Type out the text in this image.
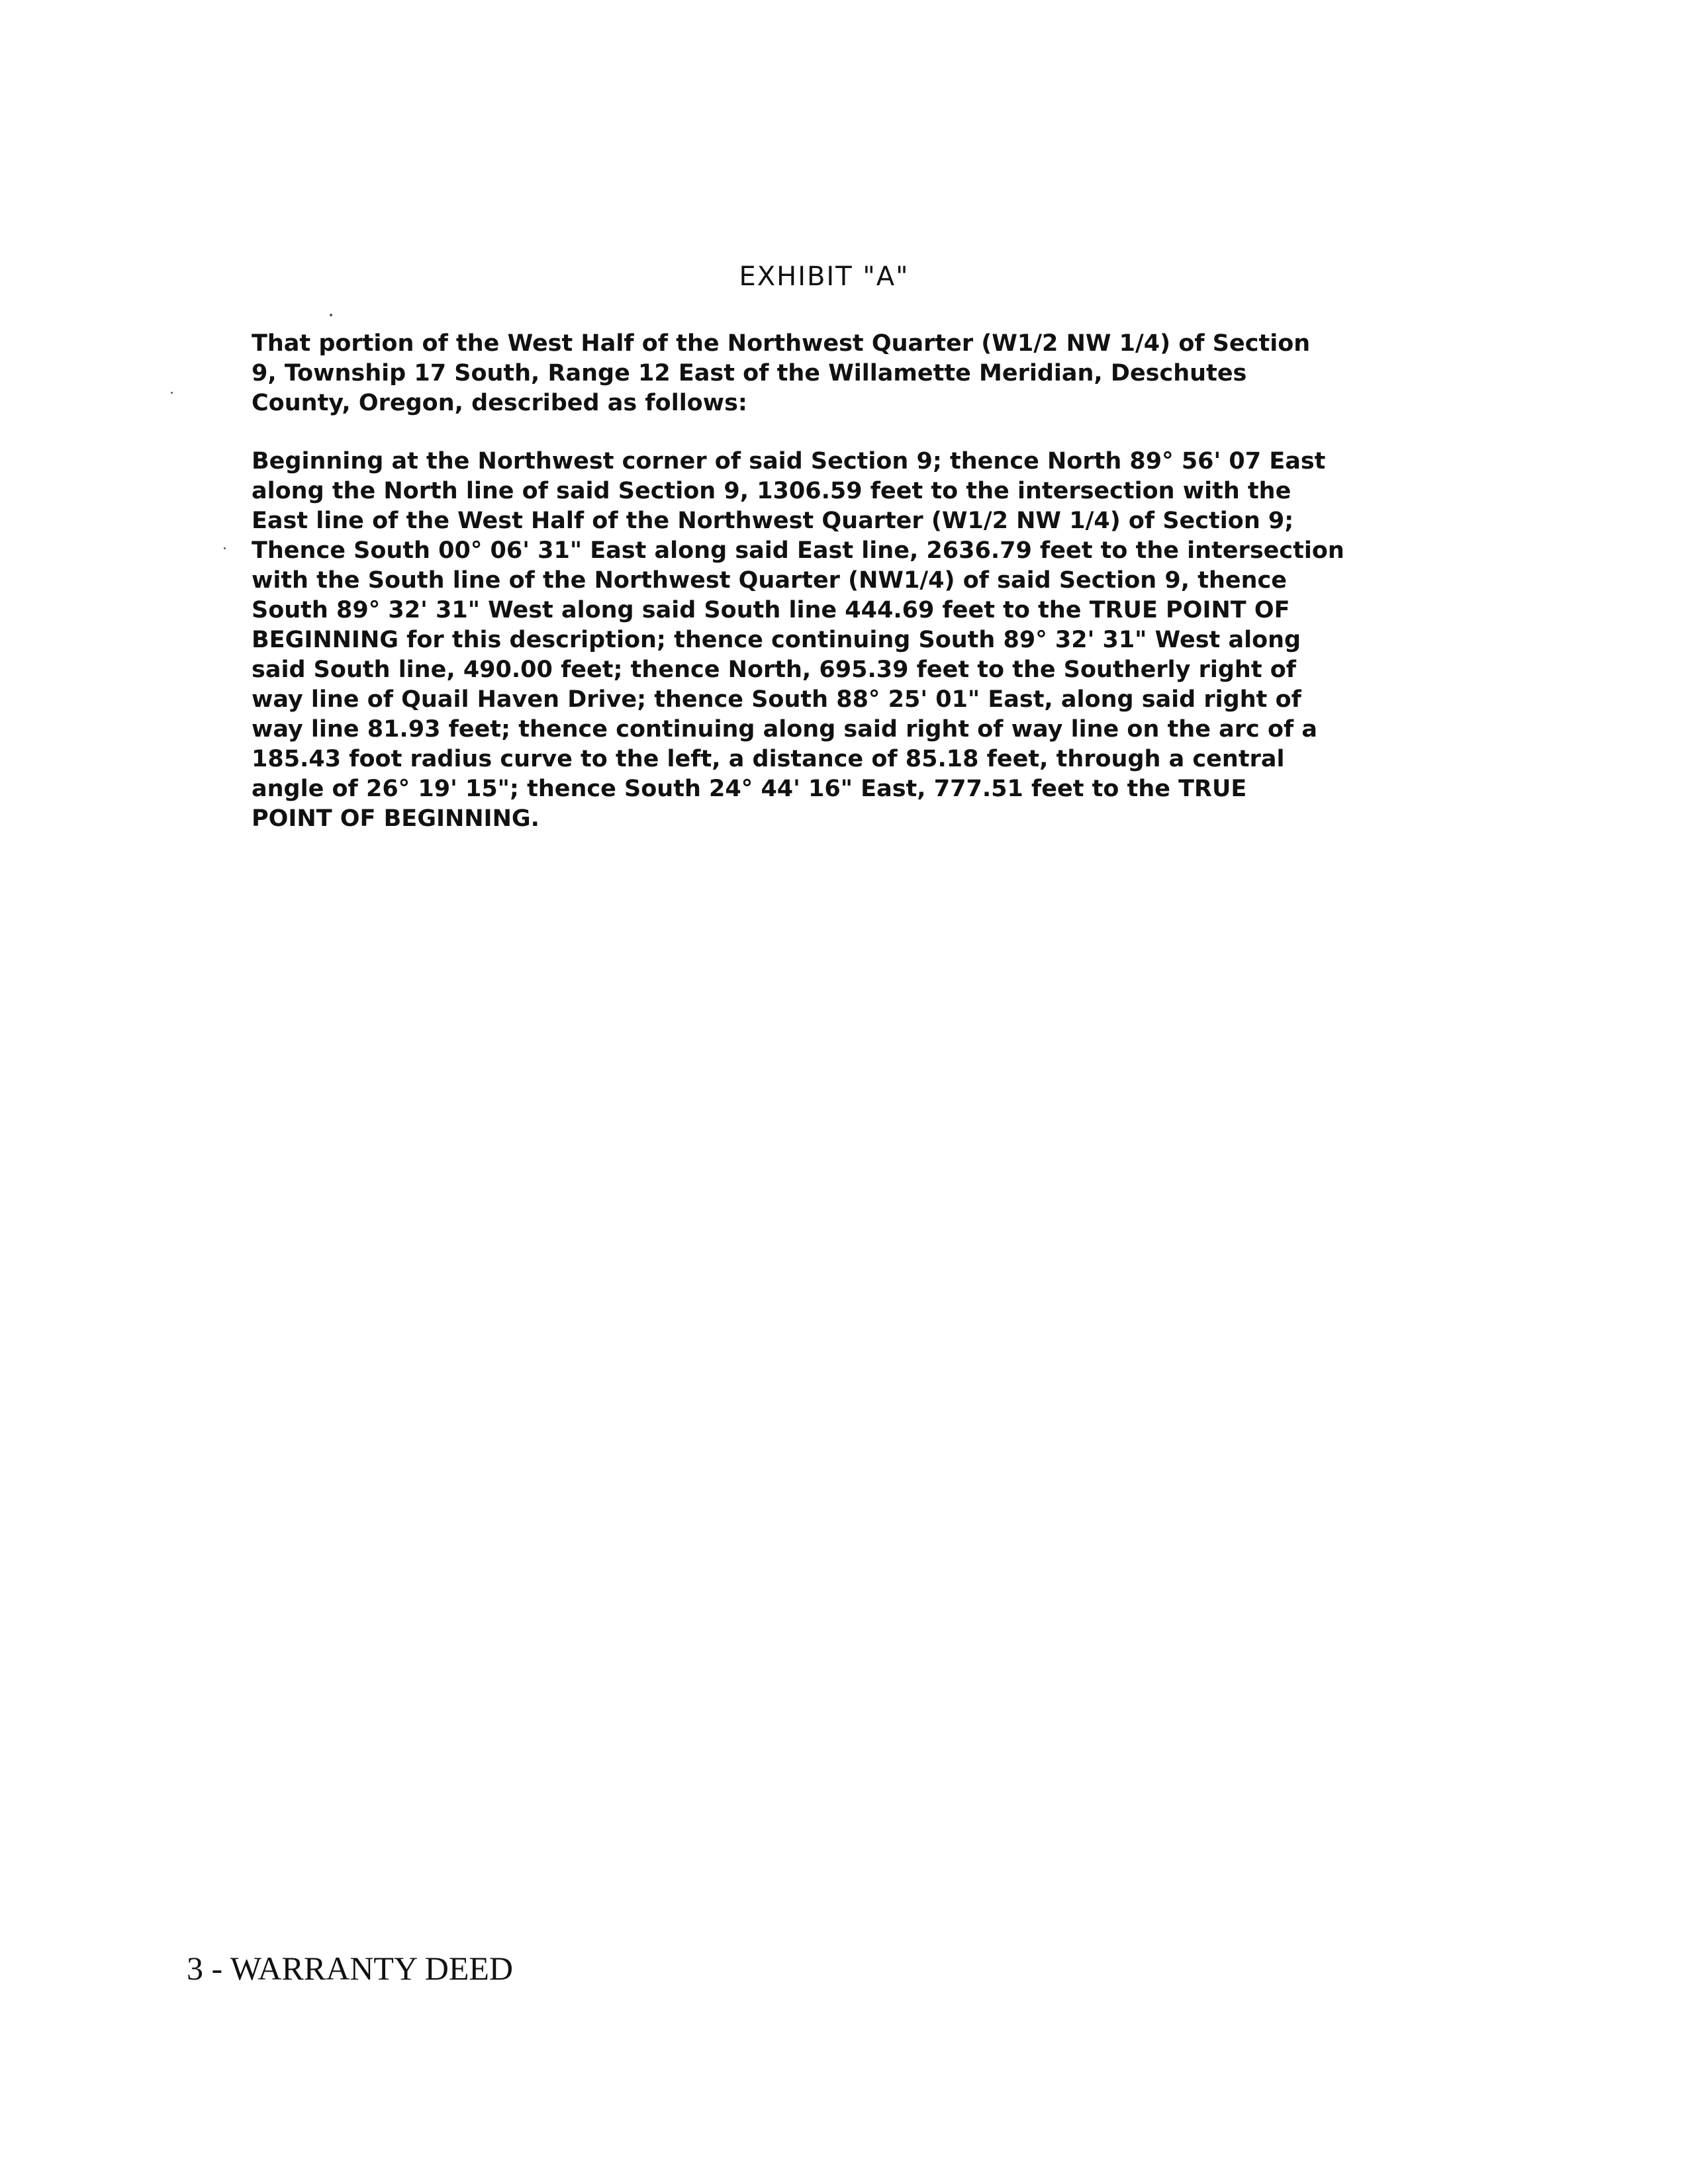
EXHIBIT "A"
That portion of the West Half of the Northwest Quarter (W1/2 NW 1/4) of Section
9, Township 17 South, Range 12 East of the Willamette Meridian, Deschutes
County, Oregon, described as follows:
Beginning at the Northwest corner of said Section 9; thence North 89° 56' 07 East
along the North line of said Section 9, 1306.59 feet to the intersection with the
East line of the West Half of the Northwest Quarter (W1/2 NW 1/4) of Section 9;
Thence South 00° 06' 31" East along said East line, 2636.79 feet to the intersection
with the South line of the Northwest Quarter (NW1/4) of said Section 9, thence
South 89° 32' 31" West along said South line 444.69 feet to the TRUE POINT OF
BEGINNING for this description; thence continuing South 89° 32' 31" West along
said South line, 490.00 feet; thence North, 695.39 feet to the Southerly right of
way line of Quail Haven Drive; thence South 88° 25' 01" East, along said right of
way line 81.93 feet; thence continuing along said right of way line on the arc of a
185.43 foot radius curve to the left, a distance of 85.18 feet, through a central
angle of 26° 19' 15"; thence South 24° 44' 16" East, 777.51 feet to the TRUE
POINT OF BEGINNING.
3 - WARRANTY DEED
